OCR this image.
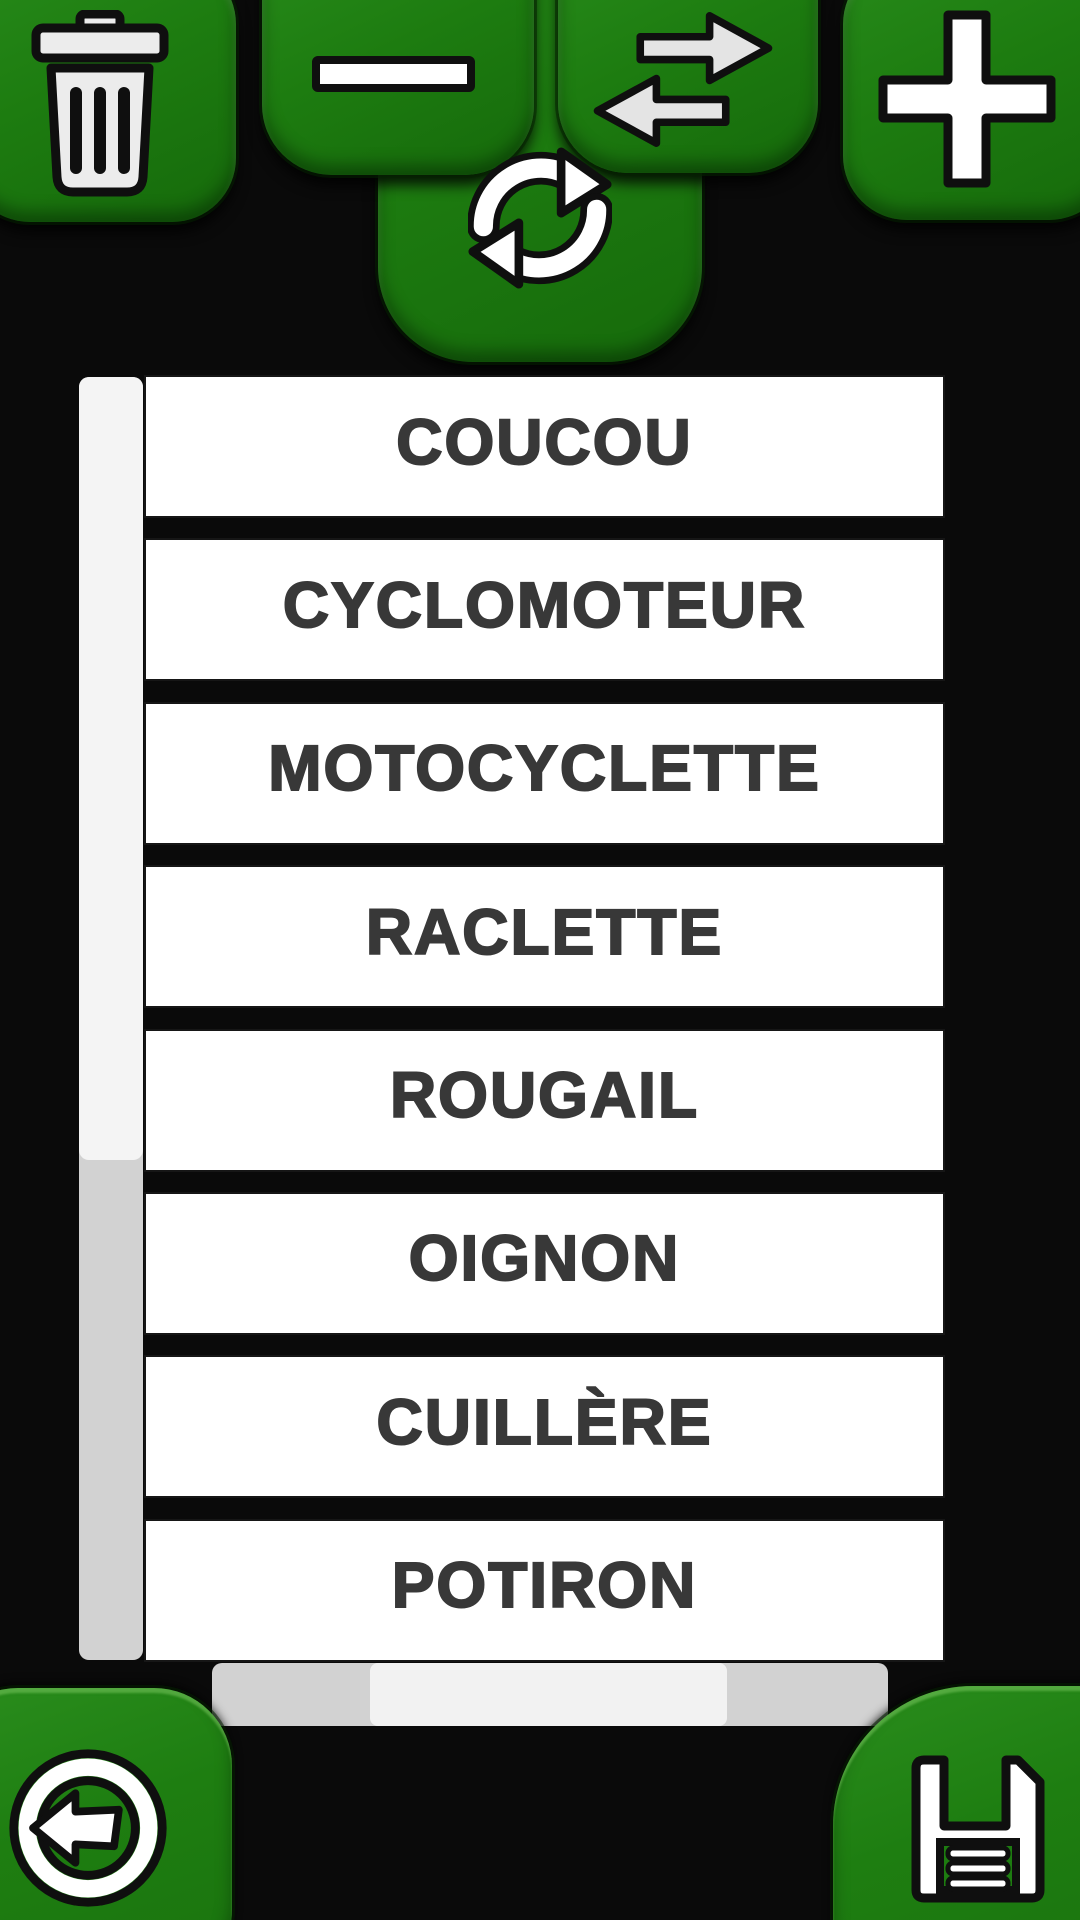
COUCOU
CYCLOMOTEUR
MOTOCYCLETTE
RACLETTE
ROUGAIL
OIGNON
CUILLÈRE
POTIRON
